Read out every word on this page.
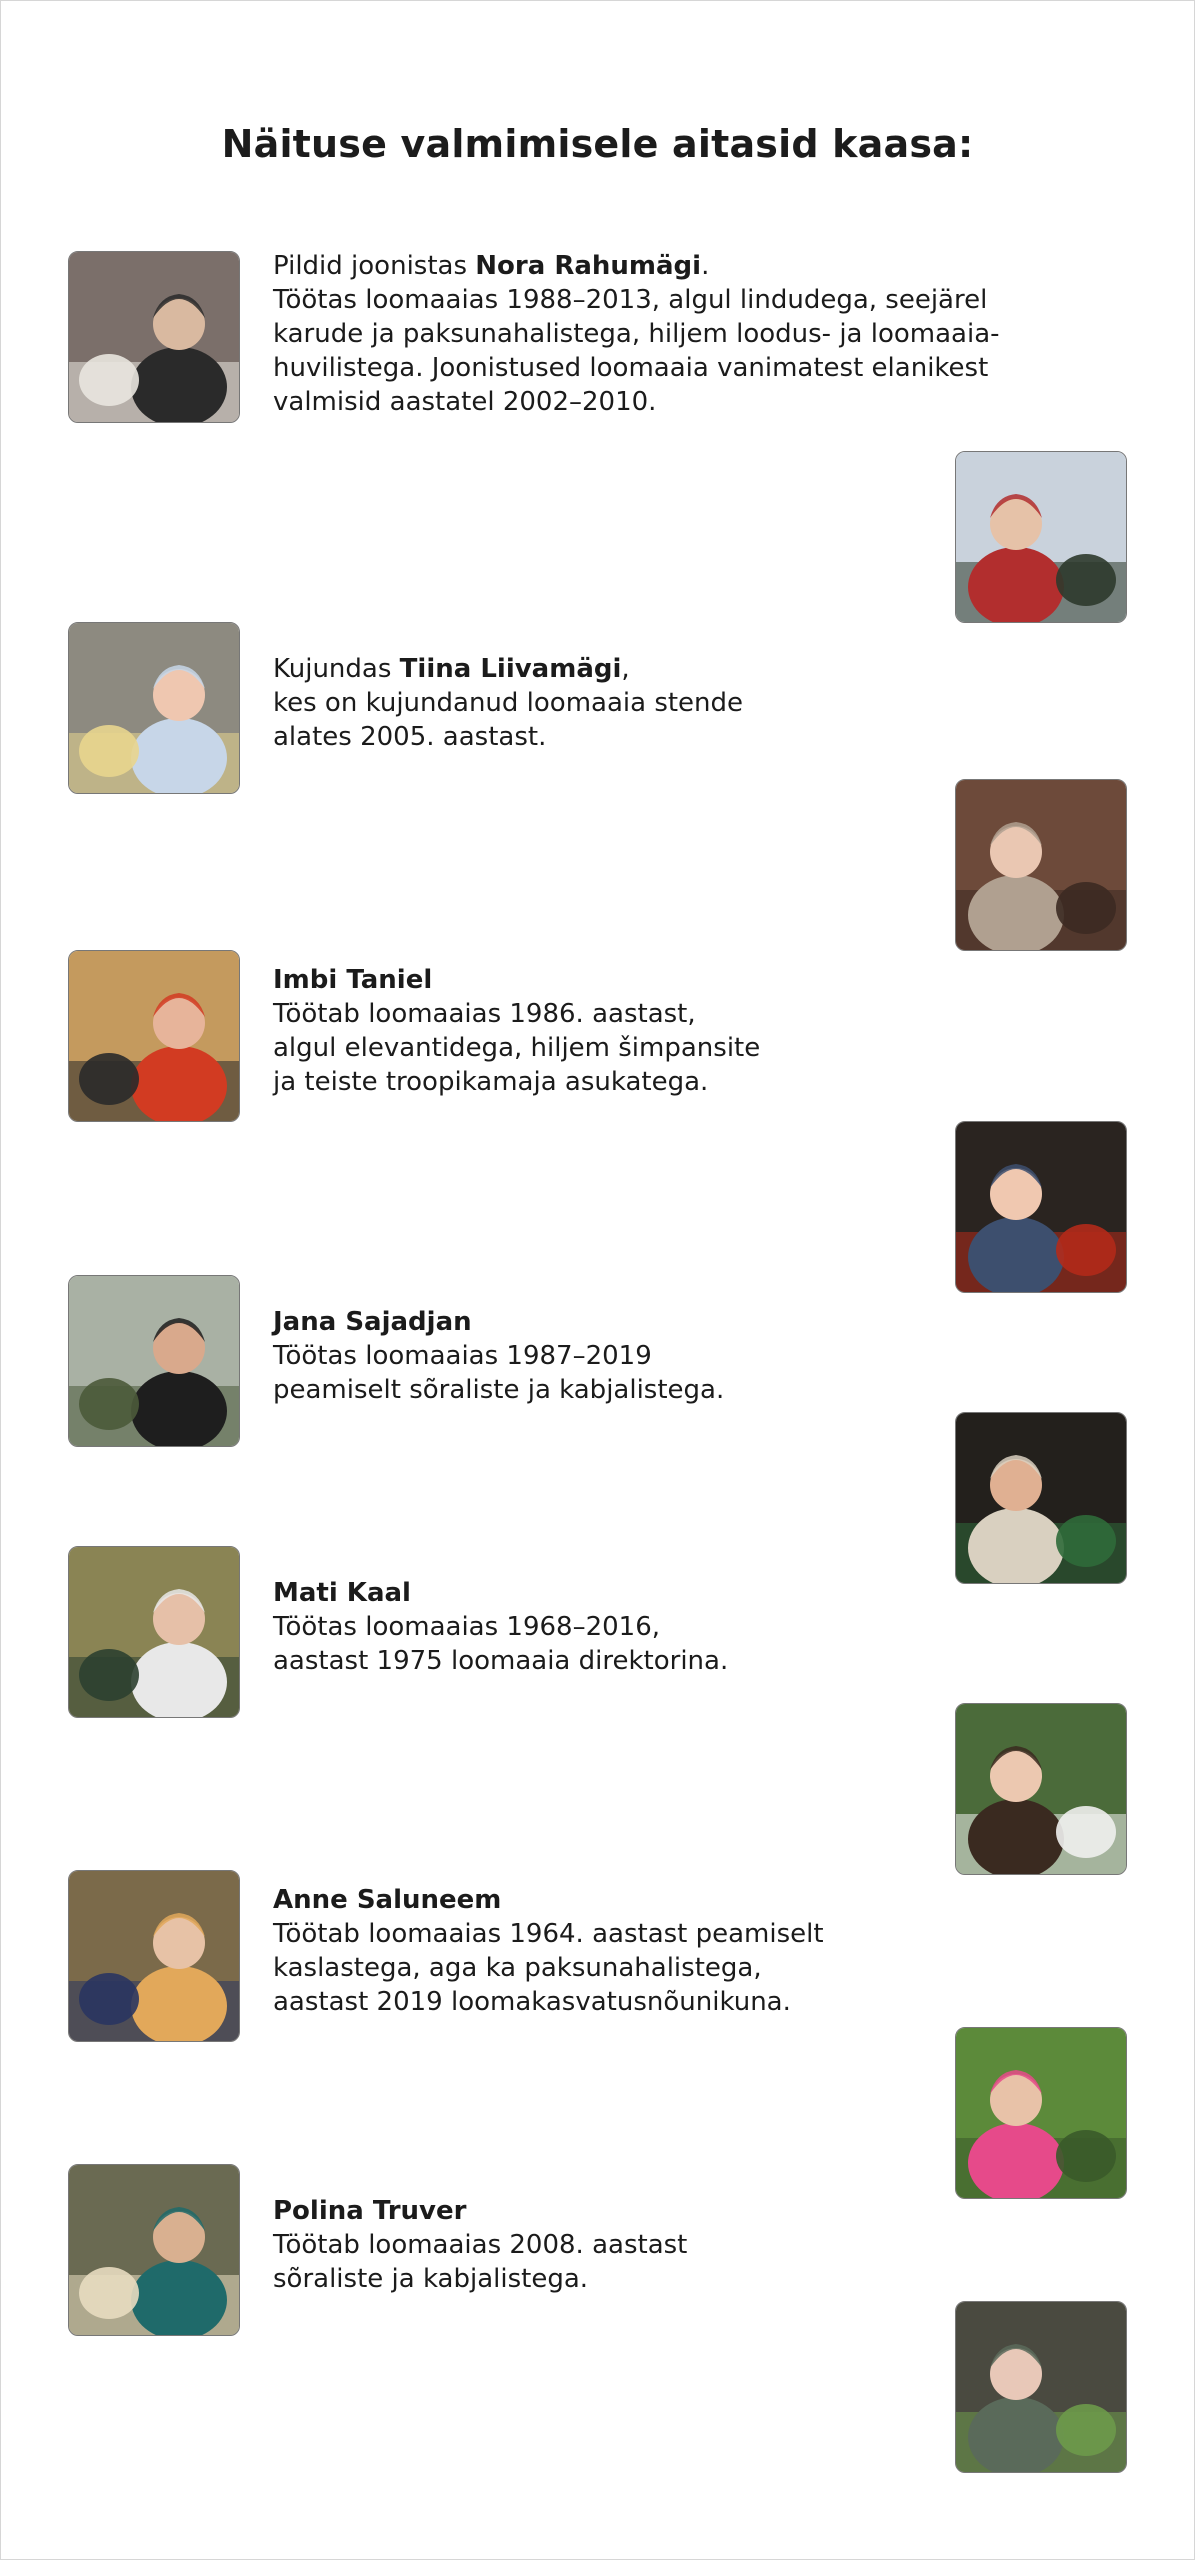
Näituse valmimisele aitasid kaasa:
Pildid joonistas Nora Rahumägi.
Töötas loomaaias 1988–2013, algul lindudega, seejärel
karude ja paksunahalistega, hiljem loodus- ja loomaaia-
huvilistega. Joonistused loomaaia vanimatest elanikest
valmisid aastatel 2002–2010.
Kujundas Tiina Liivamägi,
kes on kujundanud loomaaia stende
alates 2005. aastast.
Imbi Taniel
Töötab loomaaias 1986. aastast,
algul elevantidega, hiljem šimpansite
ja teiste troopikamaja asukatega.
Jana Sajadjan
Töötas loomaaias 1987–2019
peamiselt sõraliste ja kabjalistega.
Mati Kaal
Töötas loomaaias 1968–2016,
aastast 1975 loomaaia direktorina.
Anne Saluneem
Töötab loomaaias 1964. aastast peamiselt
kaslastega, aga ka paksunahalistega,
aastast 2019 loomakasvatusnõunikuna.
Polina Truver
Töötab loomaaias 2008. aastast
sõraliste ja kabjalistega.
